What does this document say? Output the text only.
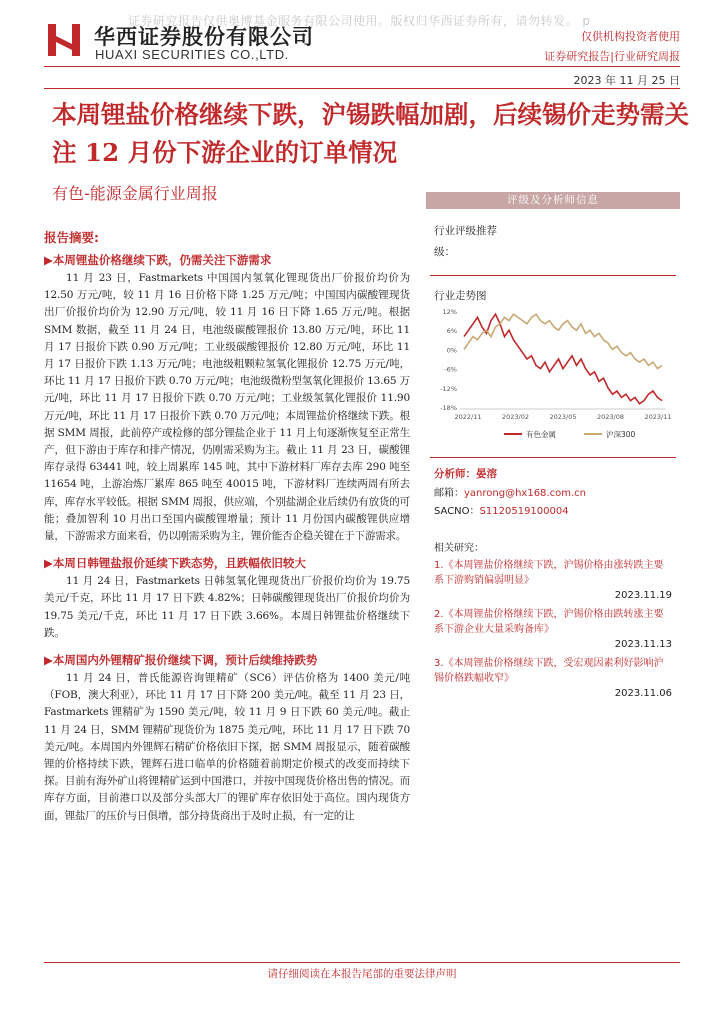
证券研究报告仅供奥博基金服务有限公司使用。版权归华西证券所有，请勿转发。 p
华西证券股份有限公司
HUAXI SECURITIES CO.,LTD.
仅供机构投资者使用
证券研究报告|行业研究周报
2023 年 11 月 25 日
本周锂盐价格继续下跌，沪锡跌幅加剧，后续锡价走势需关注 12 月份下游企业的订单情况
有色-能源金属行业周报
报告摘要:
▶本周锂盐价格继续下跌，仍需关注下游需求
11 月 23 日，Fastmarkets 中国国内氢氧化锂现货出厂价报价均价为 12.50 万元/吨，较 11 月 16 日价格下降 1.25 万元/吨；中国国内碳酸锂现货出厂价报价均价为 12.90 万元/吨，较 11 月 16 日下降 1.65 万元/吨。根据 SMM 数据，截至 11 月 24 日，电池级碳酸锂报价 13.80 万元/吨，环比 11 月 17 日报价下跌 0.90 万元/吨；工业级碳酸锂报价 12.80 万元/吨，环比 11 月 17 日报价下跌 1.13 万元/吨；电池级粗颗粒氢氧化锂报价 12.75 万元/吨，环比 11 月 17 日报价下跌 0.70 万元/吨；电池级微粉型氢氧化锂报价 13.65 万元/吨，环比 11 月 17 日报价下跌 0.70 万元/吨；工业级氢氧化锂报价 11.90 万元/吨，环比 11 月 17 日报价下跌 0.70 万元/吨；本周锂盐价格继续下跌。根据 SMM 周报，此前停产或检修的部分锂盐企业于 11 月上旬逐渐恢复至正常生产，但下游由于库存和排产情况，仍刚需采购为主。截止 11 月 23 日，碳酸锂库存录得 63441 吨，较上周累库 145 吨，其中下游材料厂库存去库 290 吨至 11654 吨，上游冶炼厂累库 865 吨至 40015 吨，下游材料厂连续两周有所去库，库存水平较低。根据 SMM 周报，供应端，个别盐湖企业后续仍有放货的可能；叠加智利 10 月出口至国内碳酸锂增量；预计 11 月份国内碳酸锂供应增量，下游需求方面来看，仍以刚需采购为主，锂价能否企稳关键在于下游需求。
▶本周日韩锂盐报价延续下跌态势，且跌幅依旧较大
11 月 24 日，Fastmarkets 日韩氢氧化锂现货出厂价报价均价为 19.75 美元/千克，环比 11 月 17 日下跌 4.82%；日韩碳酸锂现货出厂价报价均价为 19.75 美元/千克，环比 11 月 17 日下跌 3.66%。本周日韩锂盐价格继续下跌。
▶本周国内外锂精矿报价继续下调，预计后续维持跌势
11 月 24 日，普氏能源咨询锂精矿（SC6）评估价格为 1400 美元/吨（FOB，澳大利亚），环比 11 月 17 日下降 200 美元/吨。截至 11 月 23 日，Fastmarkets 锂精矿为 1590 美元/吨，较 11 月 9 日下跌 60 美元/吨。截止 11 月 24 日，SMM 锂精矿现货价为 1875 美元/吨，环比 11 月 17 日下跌 70 美元/吨。本周国内外锂辉石精矿价格依旧下探，据 SMM 周报显示，随着碳酸锂的价格持续下跌，锂辉石进口临单的价格随着前期定价模式的改变而持续下探。目前有海外矿山将锂精矿运到中国港口，并按中国现货价格出售的情况。而库存方面，目前港口以及部分头部大厂的锂矿库存依旧处于高位。国内现货方面，锂盐厂的压价与日俱增，部分持货商出于及时止损，有一定的让
评级及分析师信息
行业评级推荐
级：
行业走势图
12%
6%
0%
-6%
-12%
-18%
2022/11	2023/02	2023/05	2023/08	2023/11
有色金属	沪深300
分析师：晏溶
邮箱：yanrong@hx168.com.cn
SACNO：S1120519100004
相关研究：
1.《本周锂盐价格继续下跌，沪锡价格由涨转跌主要系下游购销偏弱明显》
2023.11.19
2.《本周锂盐价格继续下跌，沪锡价格由跌转涨主要系下游企业大量采购备库》
2023.11.13
3.《本周锂盐价格继续下跌，受宏观因素利好影响沪锡价格跌幅收窄》
2023.11.06
请仔细阅读在本报告尾部的重要法律声明
